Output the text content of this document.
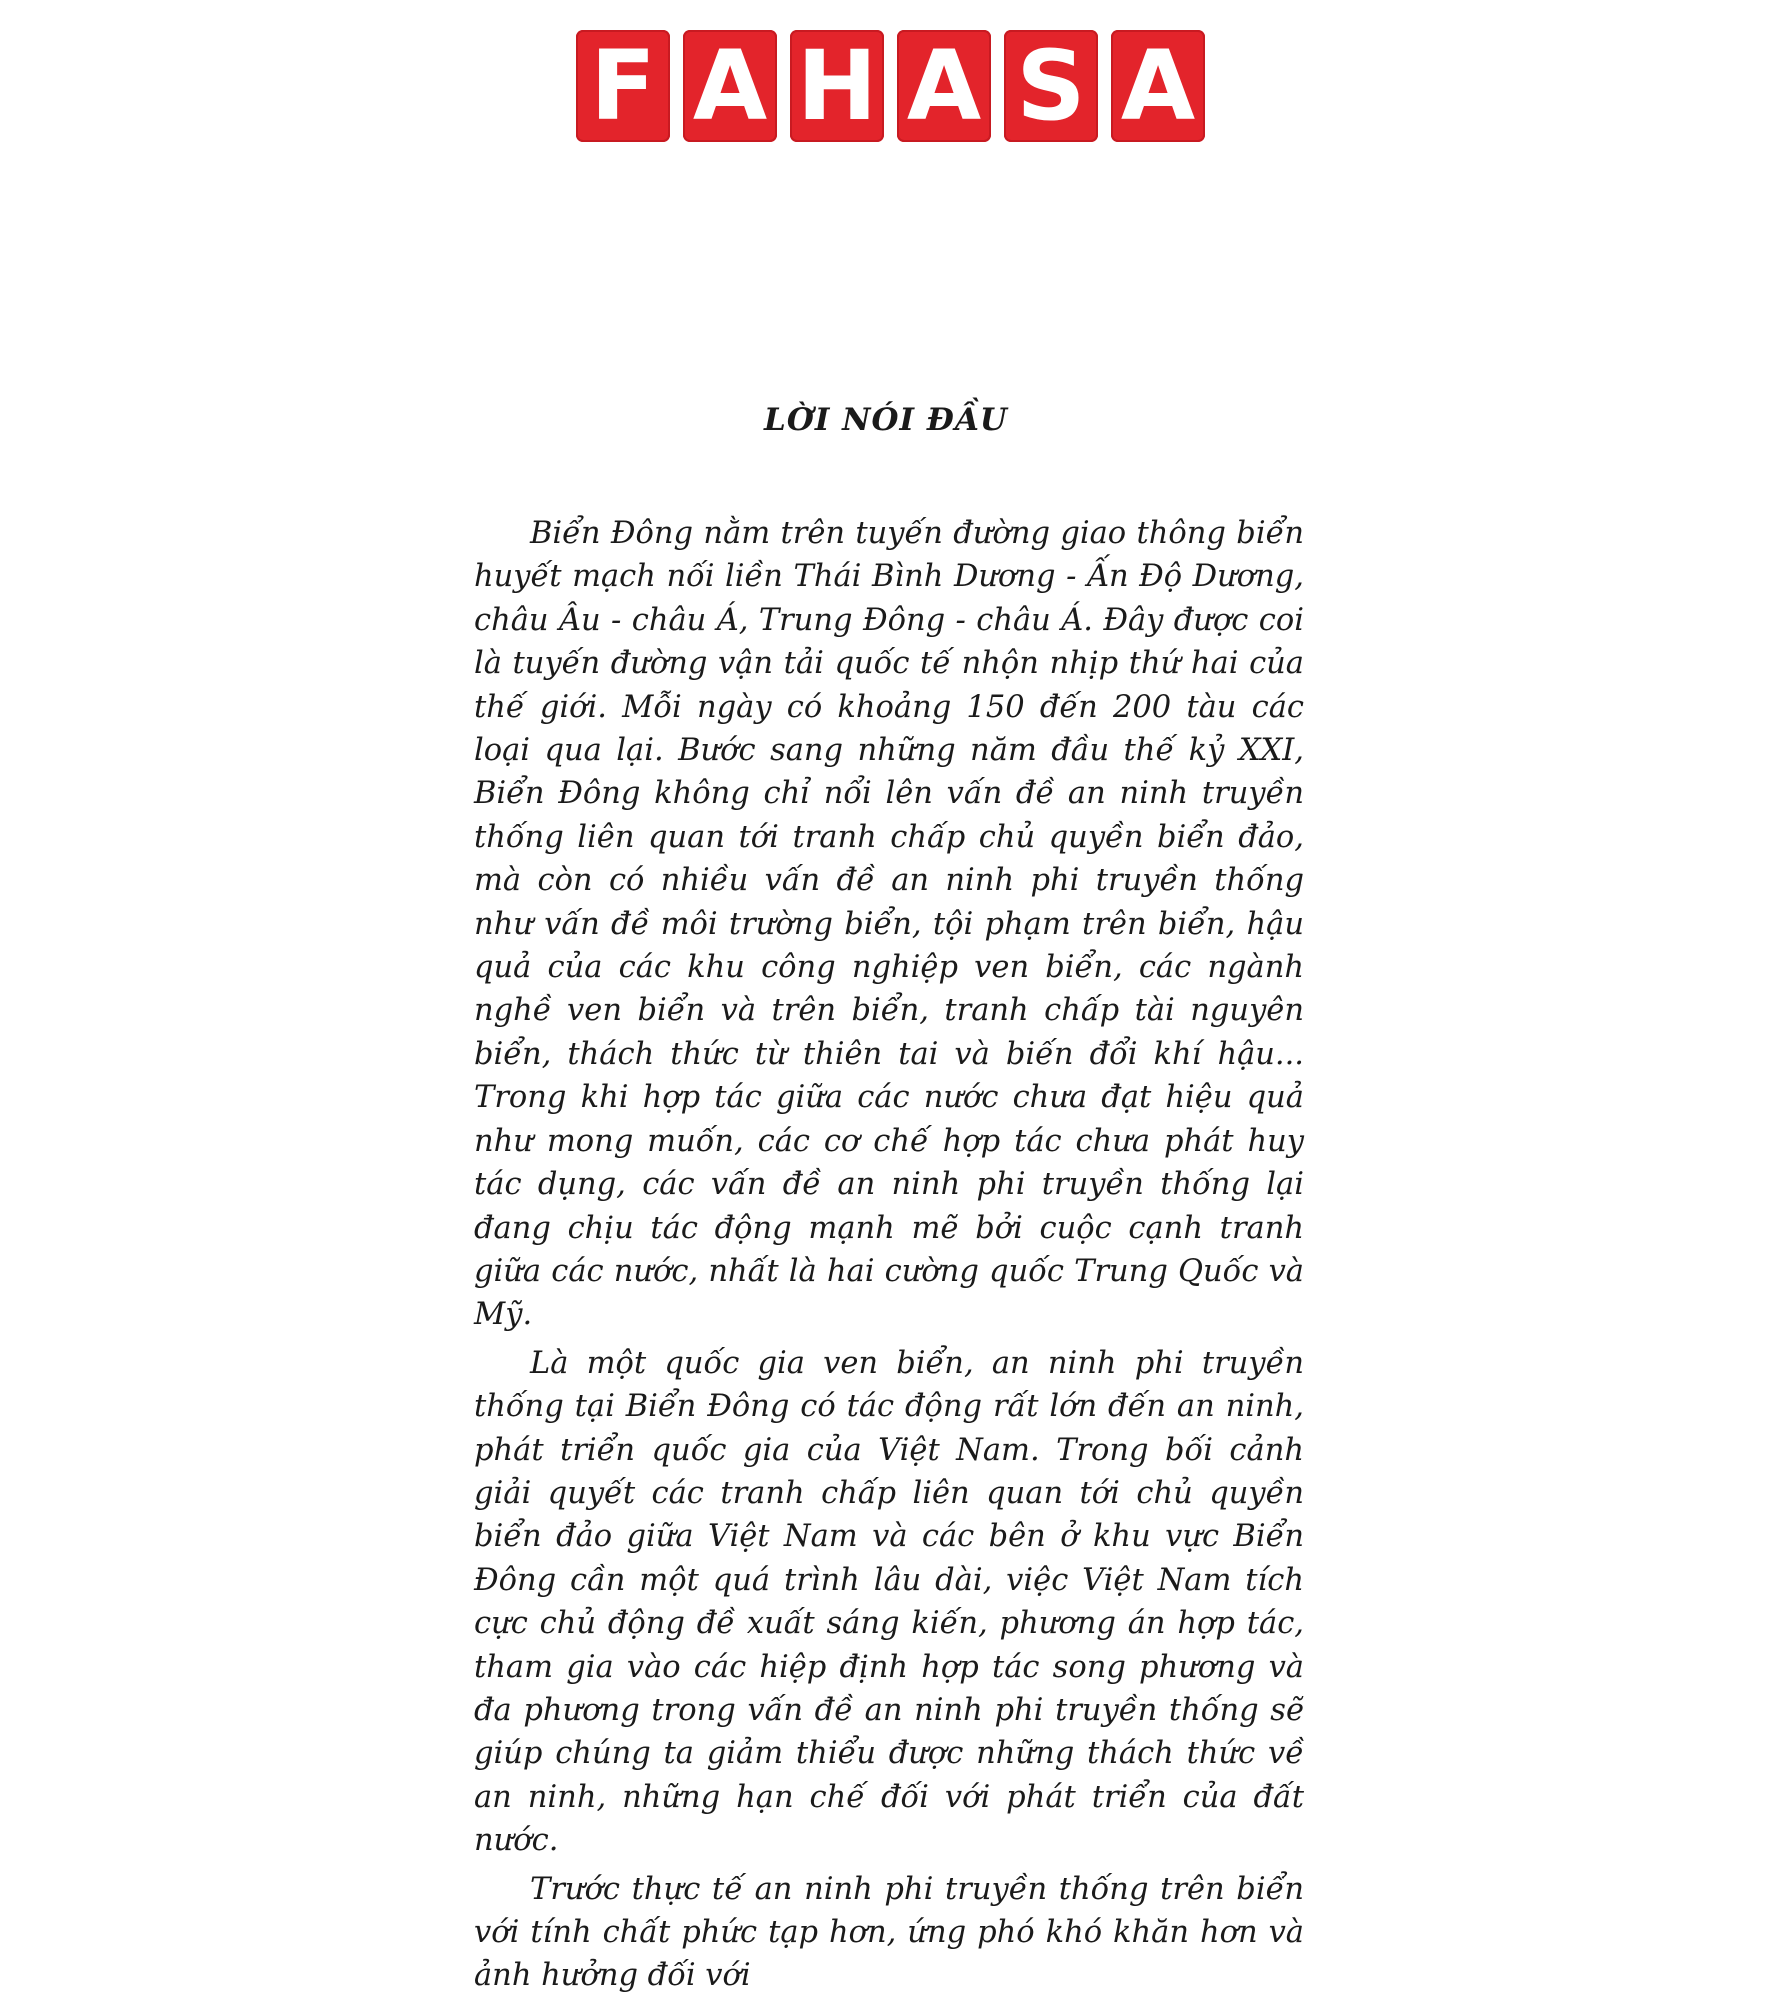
F A H A S A
LỜI NÓI ĐẦU

Biển Đông nằm trên tuyến đường giao thông biển huyết mạch nối liền Thái Bình Dương - Ấn Độ Dương, châu Âu - châu Á, Trung Đông - châu Á. Đây được coi là tuyến đường vận tải quốc tế nhộn nhịp thứ hai của thế giới. Mỗi ngày có khoảng 150 đến 200 tàu các loại qua lại. Bước sang những năm đầu thế kỷ XXI, Biển Đông không chỉ nổi lên vấn đề an ninh truyền thống liên quan tới tranh chấp chủ quyền biển đảo, mà còn có nhiều vấn đề an ninh phi truyền thống như vấn đề môi trường biển, tội phạm trên biển, hậu quả của các khu công nghiệp ven biển, các ngành nghề ven biển và trên biển, tranh chấp tài nguyên biển, thách thức từ thiên tai và biến đổi khí hậu... Trong khi hợp tác giữa các nước chưa đạt hiệu quả như mong muốn, các cơ chế hợp tác chưa phát huy tác dụng, các vấn đề an ninh phi truyền thống lại đang chịu tác động mạnh mẽ bởi cuộc cạnh tranh giữa các nước, nhất là hai cường quốc Trung Quốc và Mỹ.

Là một quốc gia ven biển, an ninh phi truyền thống tại Biển Đông có tác động rất lớn đến an ninh, phát triển quốc gia của Việt Nam. Trong bối cảnh giải quyết các tranh chấp liên quan tới chủ quyền biển đảo giữa Việt Nam và các bên ở khu vực Biển Đông cần một quá trình lâu dài, việc Việt Nam tích cực chủ động đề xuất sáng kiến, phương án hợp tác, tham gia vào các hiệp định hợp tác song phương và đa phương trong vấn đề an ninh phi truyền thống sẽ giúp chúng ta giảm thiểu được những thách thức về an ninh, những hạn chế đối với phát triển của đất nước.

Trước thực tế an ninh phi truyền thống trên biển với tính chất phức tạp hơn, ứng phó khó khăn hơn và ảnh hưởng đối với
